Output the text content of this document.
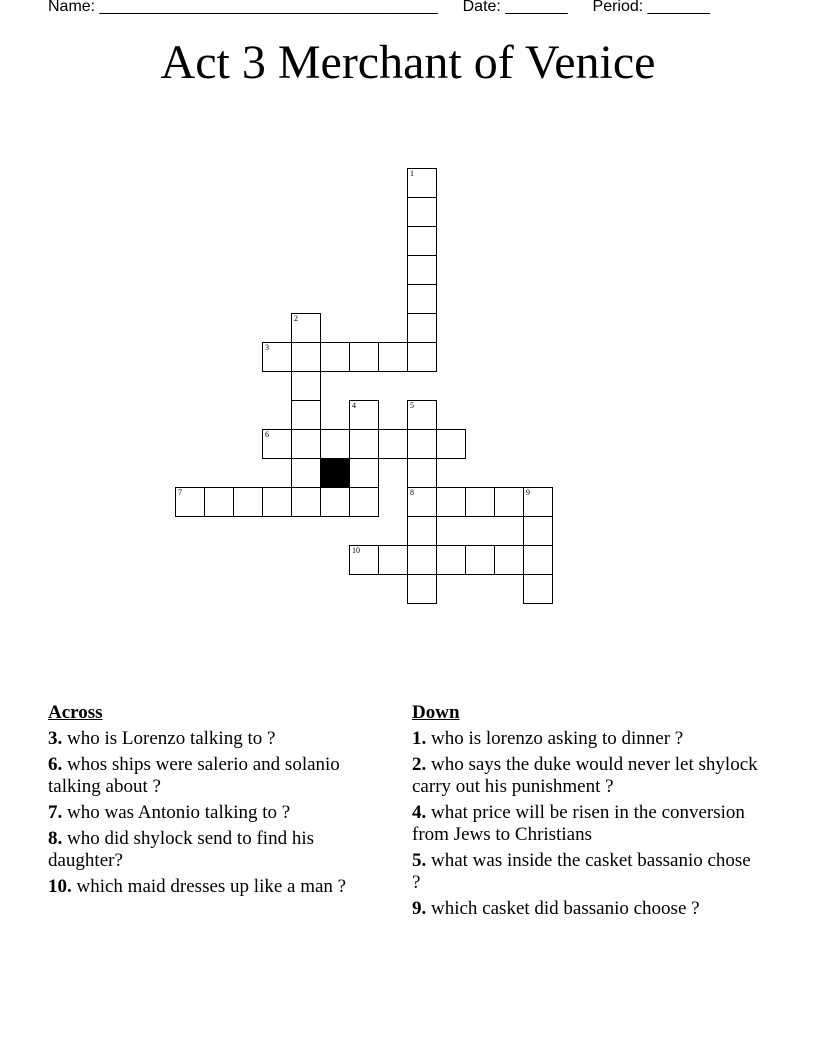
Name: ______________________________________ Date: _______ Period: _______
Act 3 Merchant of Venice
1
2
3
4	5
8
6
7	9
10
Across
3. who is Lorenzo talking to ?
6. whos ships were salerio and solanio talking about ?
7. who was Antonio talking to ?
8. who did shylock send to find his daughter?
10. which maid dresses up like a man ?
Down
1. who is lorenzo asking to dinner ?
2. who says the duke would never let shylock carry out his punishment ?
4. what price will be risen in the conversion from Jews to Christians
5. what was inside the casket bassanio chose ?
9. which casket did bassanio choose ?
